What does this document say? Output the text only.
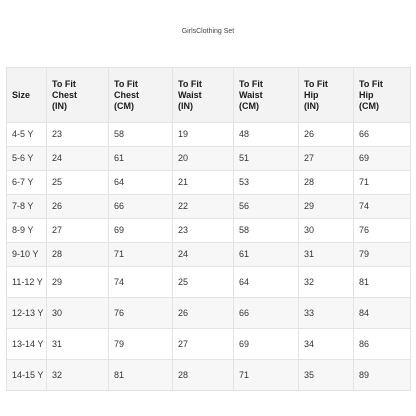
GirlsClothing Set
Size	To Fit
Chest
(IN)	To Fit
Chest
(CM)	To Fit
Waist
(IN)	To Fit
Waist
(CM)	To Fit
Hip
(IN)	To Fit
Hip
(CM)

4-5 Y	23	58	19	48	26	66
5-6 Y	24	61	20	51	27	69
6-7 Y	25	64	21	53	28	71
7-8 Y	26	66	22	56	29	74
8-9 Y	27	69	23	58	30	76
9-10 Y	28	71	24	61	31	79
11-12 Y	29	74	25	64	32	81
12-13 Y	30	76	26	66	33	84
13-14 Y	31	79	27	69	34	86
14-15 Y	32	81	28	71	35	89
